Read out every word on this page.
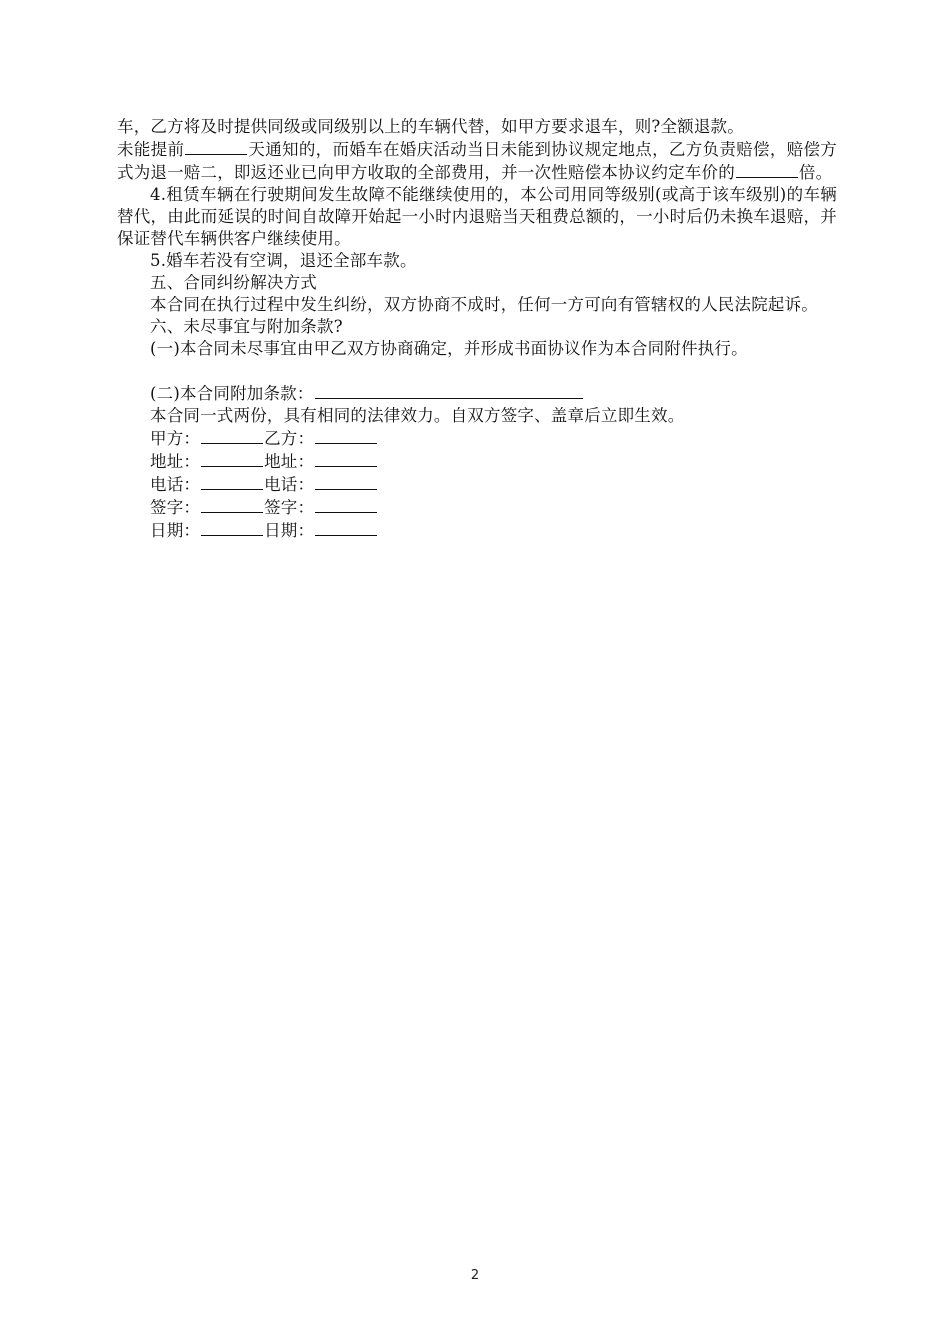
车，乙方将及时提供同级或同级别以上的车辆代替，如甲方要求退车，则?全额退款。

未能提前	天通知的，而婚车在婚庆活动当日未能到协议规定地点，乙方负责赔偿，赔偿方式为退一赔二，即返还业已向甲方收取的全部费用，并一次性赔偿本协议约定车价的	倍。

4.租赁车辆在行驶期间发生故障不能继续使用的，本公司用同等级别(或高于该车级别)的车辆替代，由此而延误的时间自故障开始起一小时内退赔当天租费总额的，一小时后仍未换车退赔，并保证替代车辆供客户继续使用。

5.婚车若没有空调，退还全部车款。

五、合同纠纷解决方式

本合同在执行过程中发生纠纷，双方协商不成时，任何一方可向有管辖权的人民法院起诉。

六、未尽事宜与附加条款?

(一)本合同未尽事宜由甲乙双方协商确定，并形成书面协议作为本合同附件执行。

(二)本合同附加条款：

本合同一式两份，具有相同的法律效力。自双方签字、盖章后立即生效。

甲方：	乙方：

地址：	地址：

电话：	电话：

签字：	签字：

日期：	日期：

2
